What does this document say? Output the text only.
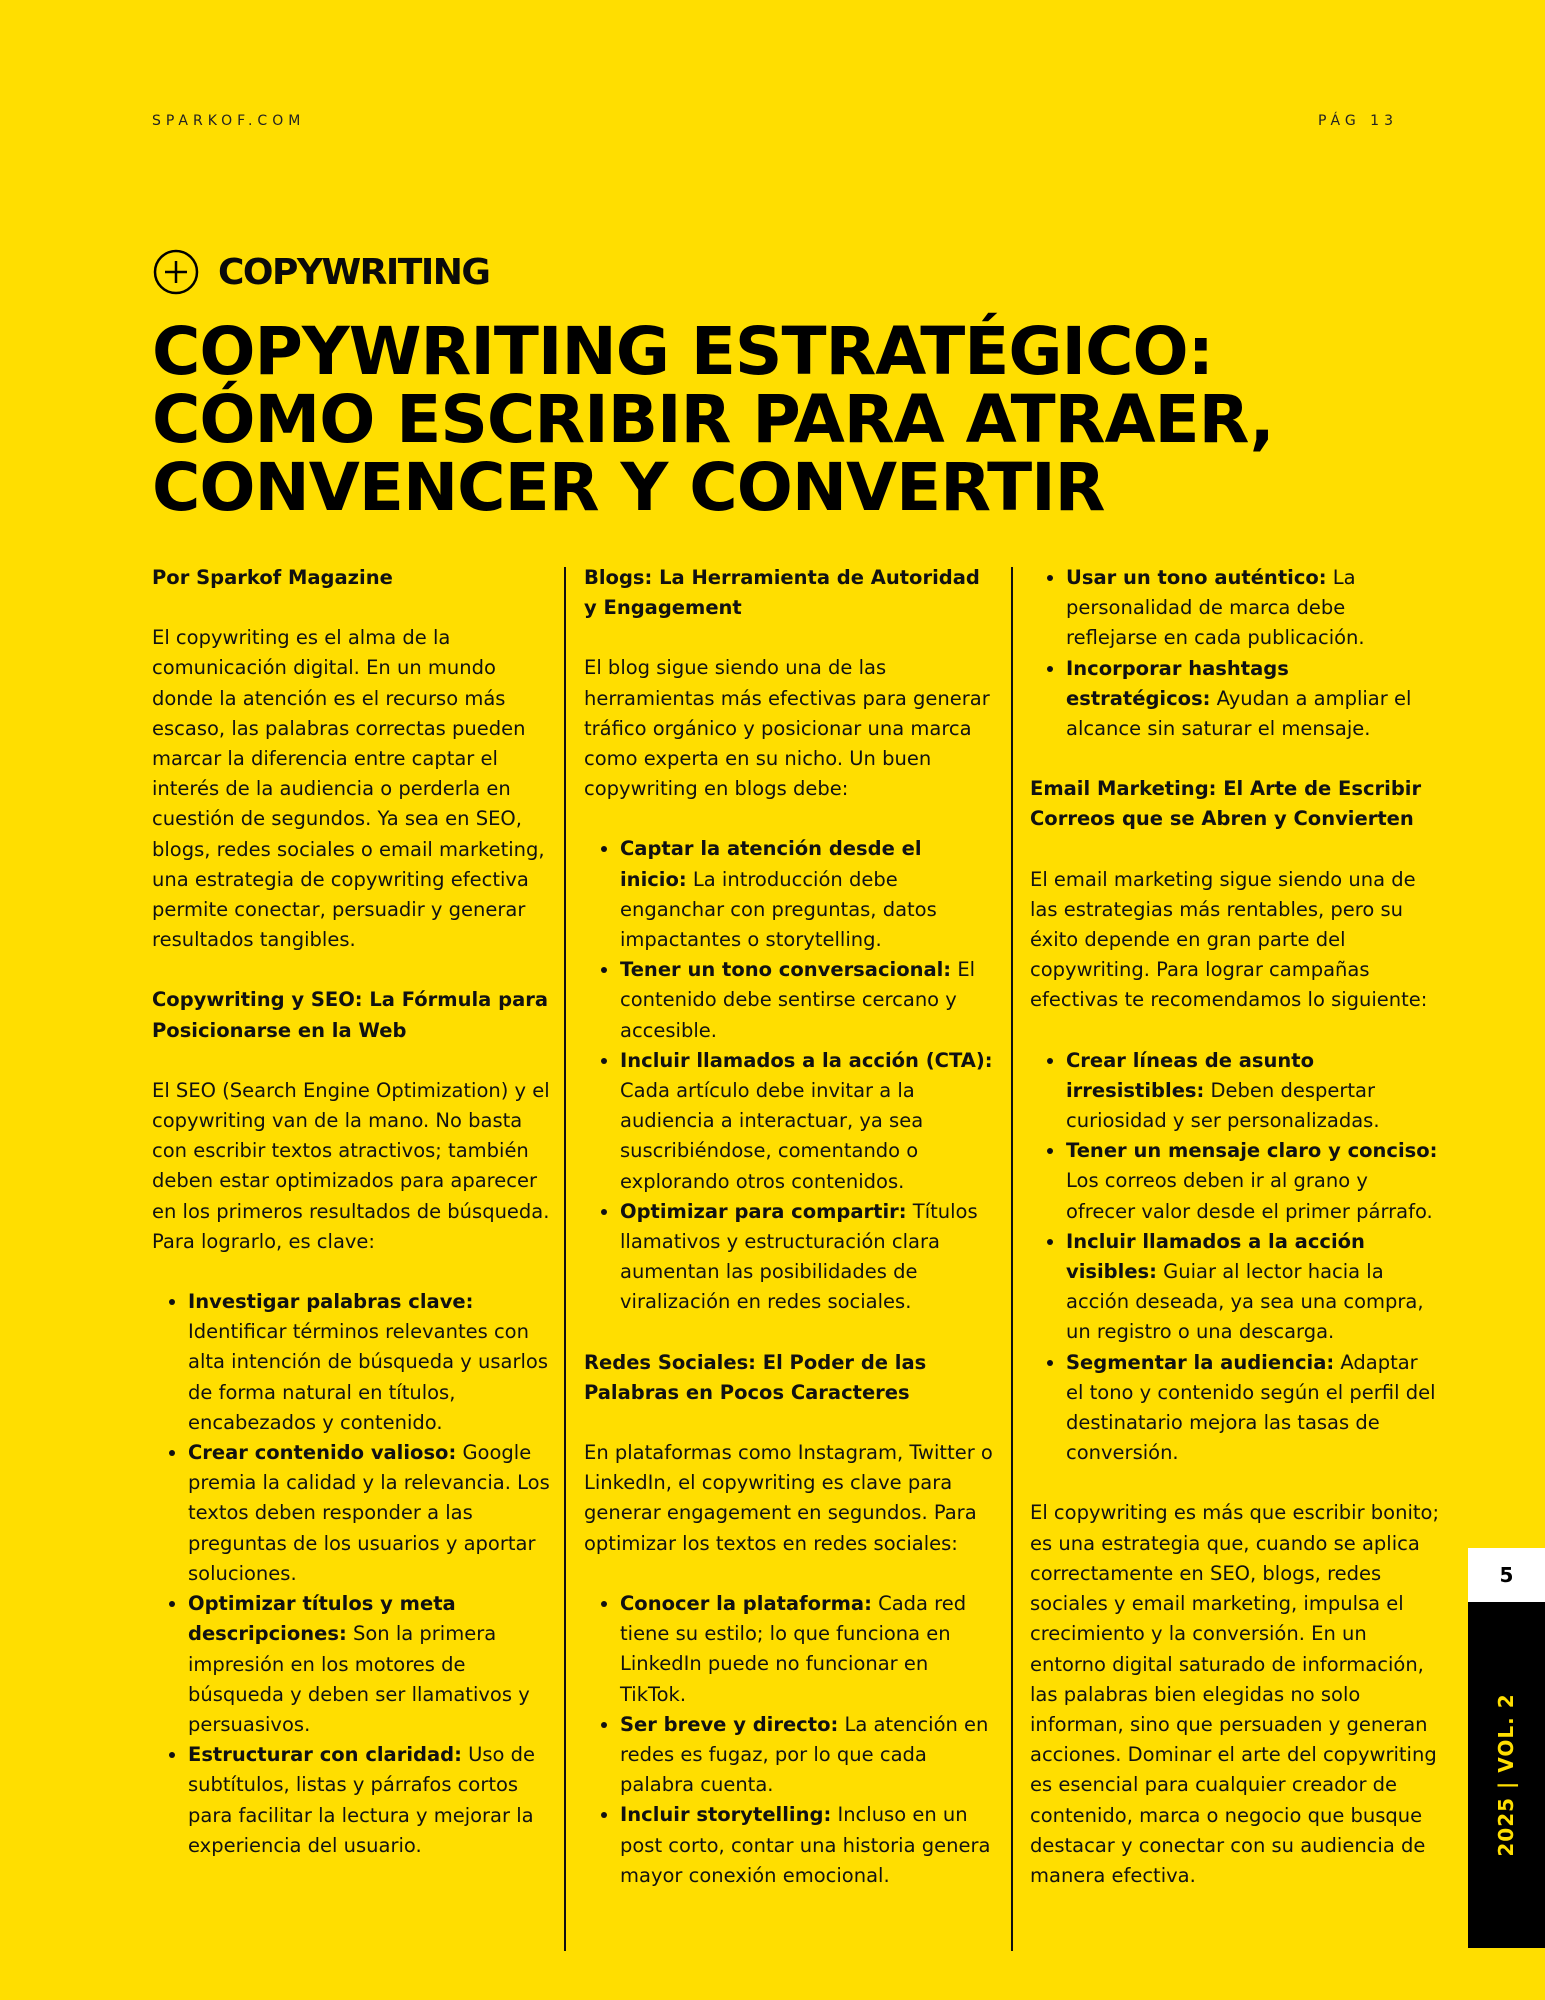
SPARKOF.COM	PÁG 13
COPYWRITING
COPYWRITING ESTRATÉGICO: CÓMO ESCRIBIR PARA ATRAER, CONVENCER Y CONVERTIR

Por Sparkof Magazine

El copywriting es el alma de la comunicación digital. En un mundo donde la atención es el recurso más escaso, las palabras correctas pueden marcar la diferencia entre captar el interés de la audiencia o perderla en cuestión de segundos. Ya sea en SEO, blogs, redes sociales o email marketing, una estrategia de copywriting efectiva permite conectar, persuadir y generar resultados tangibles.

Copywriting y SEO: La Fórmula para Posicionarse en la Web

El SEO (Search Engine Optimization) y el copywriting van de la mano. No basta con escribir textos atractivos; también deben estar optimizados para aparecer en los primeros resultados de búsqueda. Para lograrlo, es clave:

• Investigar palabras clave: Identificar términos relevantes con alta intención de búsqueda y usarlos de forma natural en títulos, encabezados y contenido.
• Crear contenido valioso: Google premia la calidad y la relevancia. Los textos deben responder a las preguntas de los usuarios y aportar soluciones.
• Optimizar títulos y meta descripciones: Son la primera impresión en los motores de búsqueda y deben ser llamativos y persuasivos.
• Estructurar con claridad: Uso de subtítulos, listas y párrafos cortos para facilitar la lectura y mejorar la experiencia del usuario.

Blogs: La Herramienta de Autoridad y Engagement

El blog sigue siendo una de las herramientas más efectivas para generar tráfico orgánico y posicionar una marca como experta en su nicho. Un buen copywriting en blogs debe:

• Captar la atención desde el inicio: La introducción debe enganchar con preguntas, datos impactantes o storytelling.
• Tener un tono conversacional: El contenido debe sentirse cercano y accesible.
• Incluir llamados a la acción (CTA): Cada artículo debe invitar a la audiencia a interactuar, ya sea suscribiéndose, comentando o explorando otros contenidos.
• Optimizar para compartir: Títulos llamativos y estructuración clara aumentan las posibilidades de viralización en redes sociales.

Redes Sociales: El Poder de las Palabras en Pocos Caracteres

En plataformas como Instagram, Twitter o LinkedIn, el copywriting es clave para generar engagement en segundos. Para optimizar los textos en redes sociales:

• Conocer la plataforma: Cada red tiene su estilo; lo que funciona en LinkedIn puede no funcionar en TikTok.
• Ser breve y directo: La atención en redes es fugaz, por lo que cada palabra cuenta.
• Incluir storytelling: Incluso en un post corto, contar una historia genera mayor conexión emocional.
• Usar un tono auténtico: La personalidad de marca debe reflejarse en cada publicación.
• Incorporar hashtags estratégicos: Ayudan a ampliar el alcance sin saturar el mensaje.

Email Marketing: El Arte de Escribir Correos que se Abren y Convierten

El email marketing sigue siendo una de las estrategias más rentables, pero su éxito depende en gran parte del copywriting. Para lograr campañas efectivas te recomendamos lo siguiente:

• Crear líneas de asunto irresistibles: Deben despertar curiosidad y ser personalizadas.
• Tener un mensaje claro y conciso: Los correos deben ir al grano y ofrecer valor desde el primer párrafo.
• Incluir llamados a la acción visibles: Guiar al lector hacia la acción deseada, ya sea una compra, un registro o una descarga.
• Segmentar la audiencia: Adaptar el tono y contenido según el perfil del destinatario mejora las tasas de conversión.

El copywriting es más que escribir bonito; es una estrategia que, cuando se aplica correctamente en SEO, blogs, redes sociales y email marketing, impulsa el crecimiento y la conversión. En un entorno digital saturado de información, las palabras bien elegidas no solo informan, sino que persuaden y generan acciones. Dominar el arte del copywriting es esencial para cualquier creador de contenido, marca o negocio que busque destacar y conectar con su audiencia de manera efectiva.

5
2025 | VOL. 2
